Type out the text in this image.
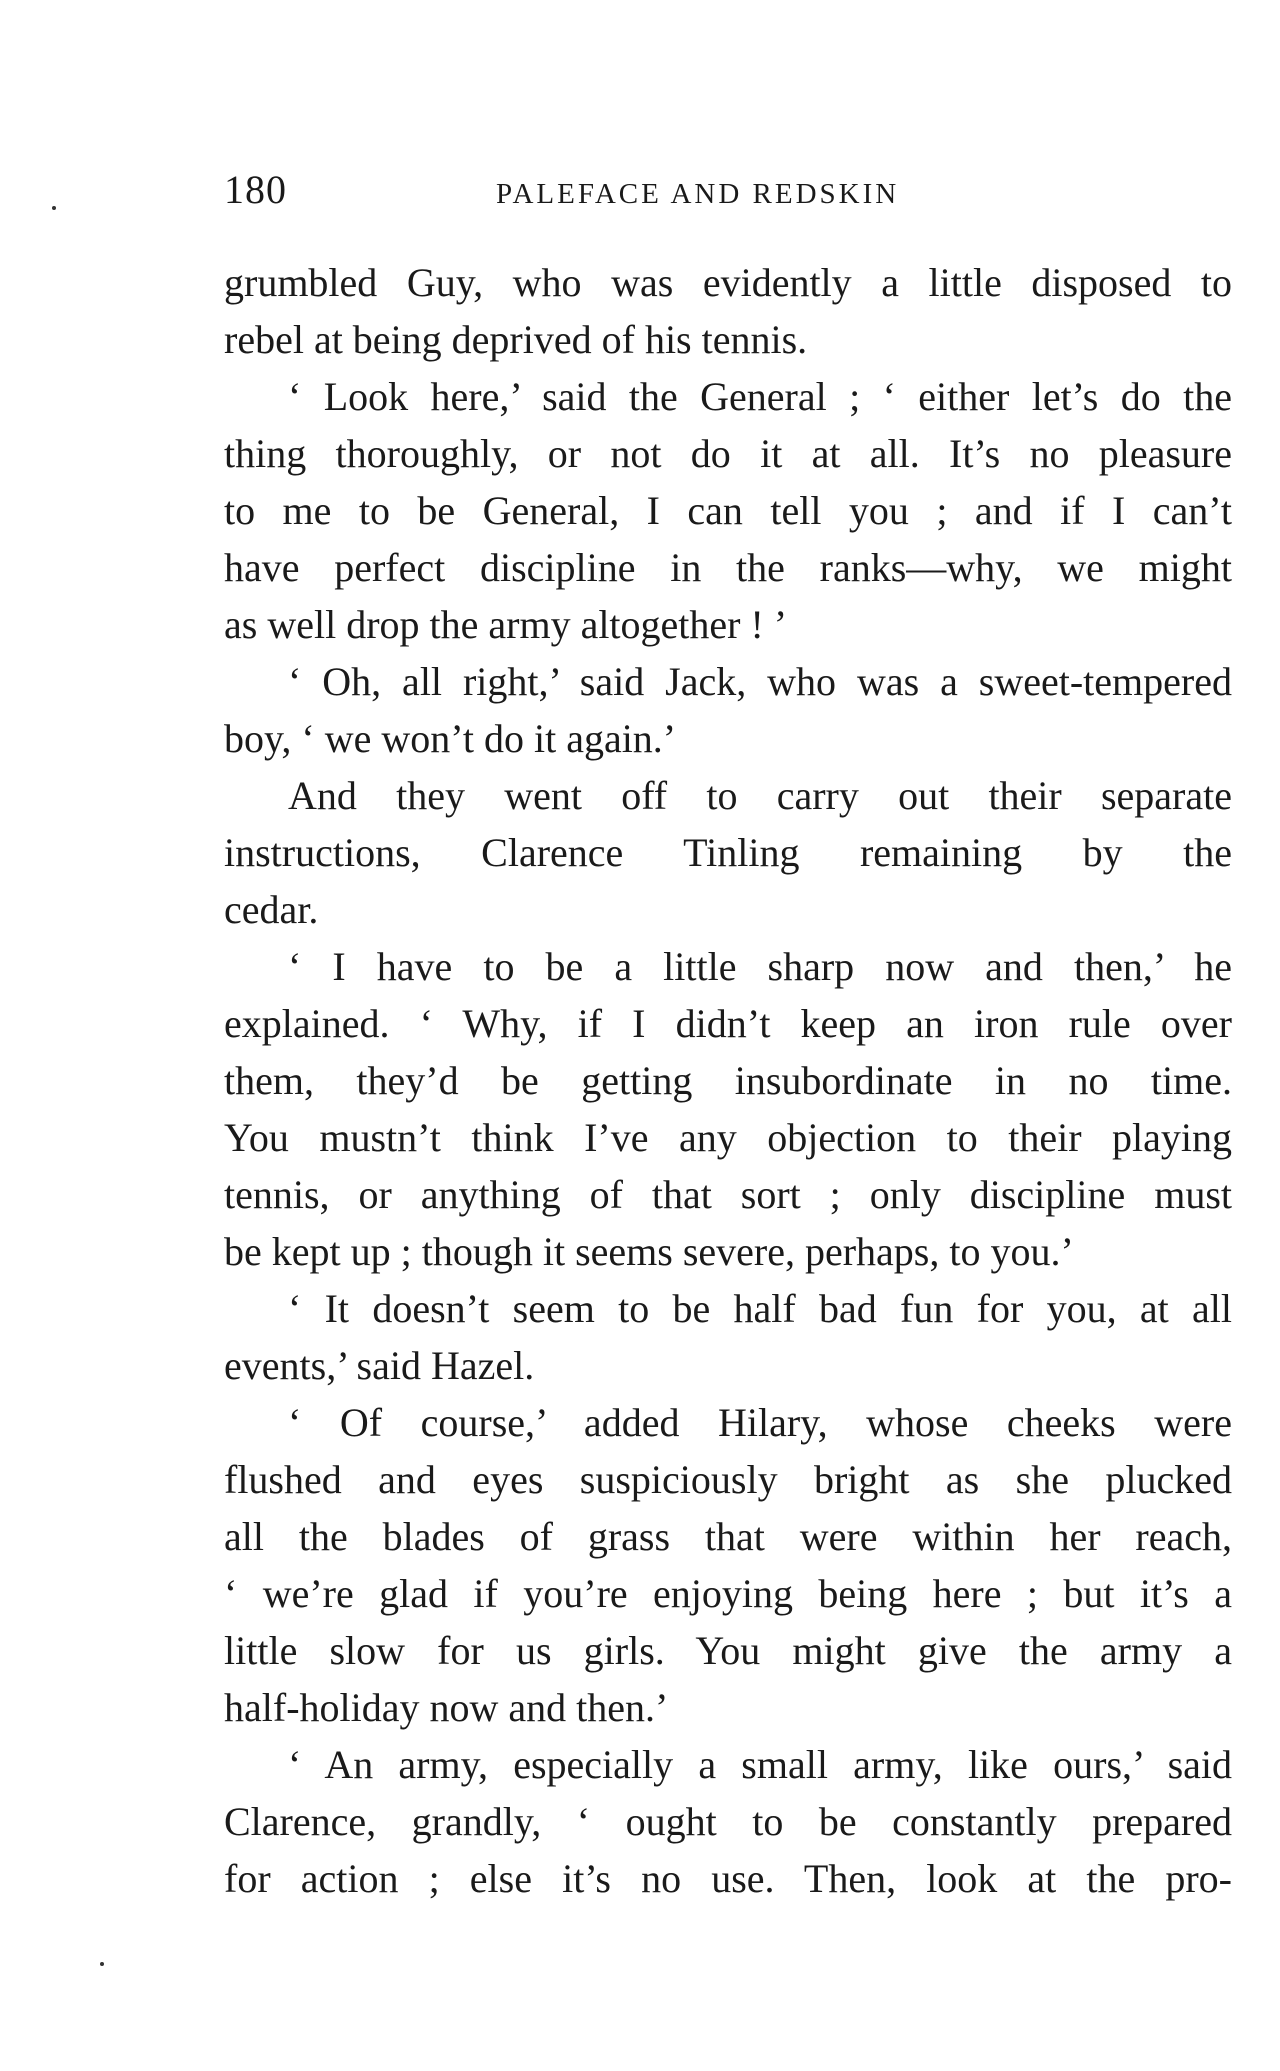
180	PALEFACE AND REDSKIN
grumbled Guy, who was evidently a little disposed to
rebel at being deprived of his tennis.
‘ Look here,’ said the General ; ‘ either let’s do the
thing thoroughly, or not do it at all. It’s no pleasure
to me to be General, I can tell you ; and if I can’t
have perfect discipline in the ranks—why, we might
as well drop the army altogether ! ’
‘ Oh, all right,’ said Jack, who was a sweet-tempered
boy, ‘ we won’t do it again.’
And they went off to carry out their separate
instructions, Clarence Tinling remaining by the
cedar.
‘ I have to be a little sharp now and then,’ he
explained. ‘ Why, if I didn’t keep an iron rule over
them, they’d be getting insubordinate in no time.
You mustn’t think I’ve any objection to their playing
tennis, or anything of that sort ; only discipline must
be kept up ; though it seems severe, perhaps, to you.’
‘ It doesn’t seem to be half bad fun for you, at all
events,’ said Hazel.
‘ Of course,’ added Hilary, whose cheeks were
flushed and eyes suspiciously bright as she plucked
all the blades of grass that were within her reach,
‘ we’re glad if you’re enjoying being here ; but it’s a
little slow for us girls. You might give the army a
half-holiday now and then.’
‘ An army, especially a small army, like ours,’ said
Clarence, grandly, ‘ ought to be constantly prepared
for action ; else it’s no use. Then, look at the pro-
